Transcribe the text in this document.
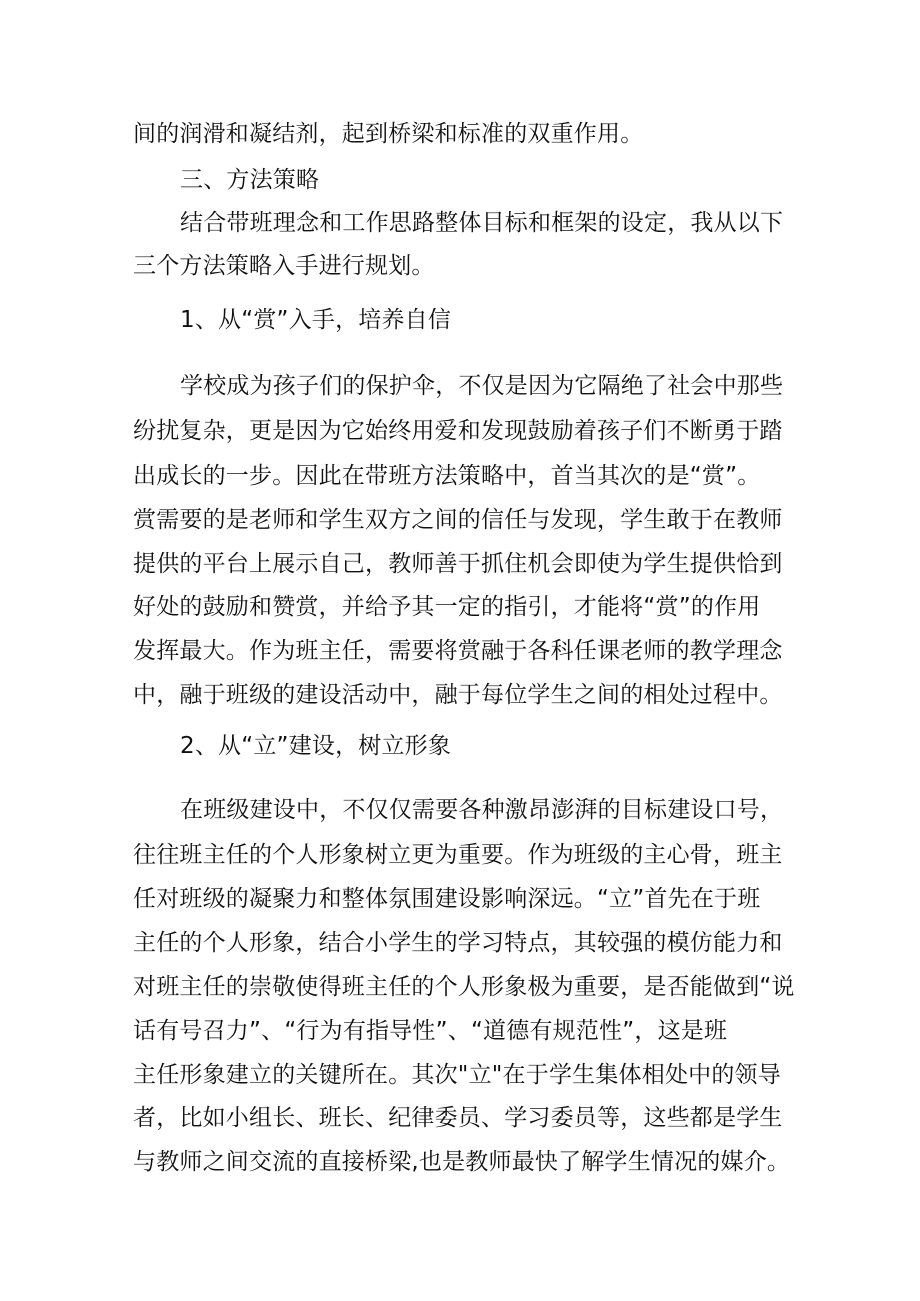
间的润滑和凝结剂，起到桥梁和标准的双重作用。
三、方法策略
结合带班理念和工作思路整体目标和框架的设定，我从以下
三个方法策略入手进行规划。
1、从“赏”入手，培养自信
学校成为孩子们的保护伞，不仅是因为它隔绝了社会中那些
纷扰复杂，更是因为它始终用爱和发现鼓励着孩子们不断勇于踏
出成长的一步。因此在带班方法策略中，首当其次的是“赏”。
赏需要的是老师和学生双方之间的信任与发现，学生敢于在教师
提供的平台上展示自己，教师善于抓住机会即使为学生提供恰到
好处的鼓励和赞赏，并给予其一定的指引，才能将“赏”的作用
发挥最大。作为班主任，需要将赏融于各科任课老师的教学理念
中，融于班级的建设活动中，融于每位学生之间的相处过程中。
2、从“立”建设，树立形象
在班级建设中，不仅仅需要各种激昂澎湃的目标建设口号，
往往班主任的个人形象树立更为重要。作为班级的主心骨，班主
任对班级的凝聚力和整体氛围建设影响深远。“立”首先在于班
主任的个人形象，结合小学生的学习特点，其较强的模仿能力和
对班主任的崇敬使得班主任的个人形象极为重要，是否能做到“说
话有号召力”、“行为有指导性”、“道德有规范性”，这是班
主任形象建立的关键所在。其次"立"在于学生集体相处中的领导
者，比如小组长、班长、纪律委员、学习委员等，这些都是学生
与教师之间交流的直接桥梁,也是教师最快了解学生情况的媒介。
